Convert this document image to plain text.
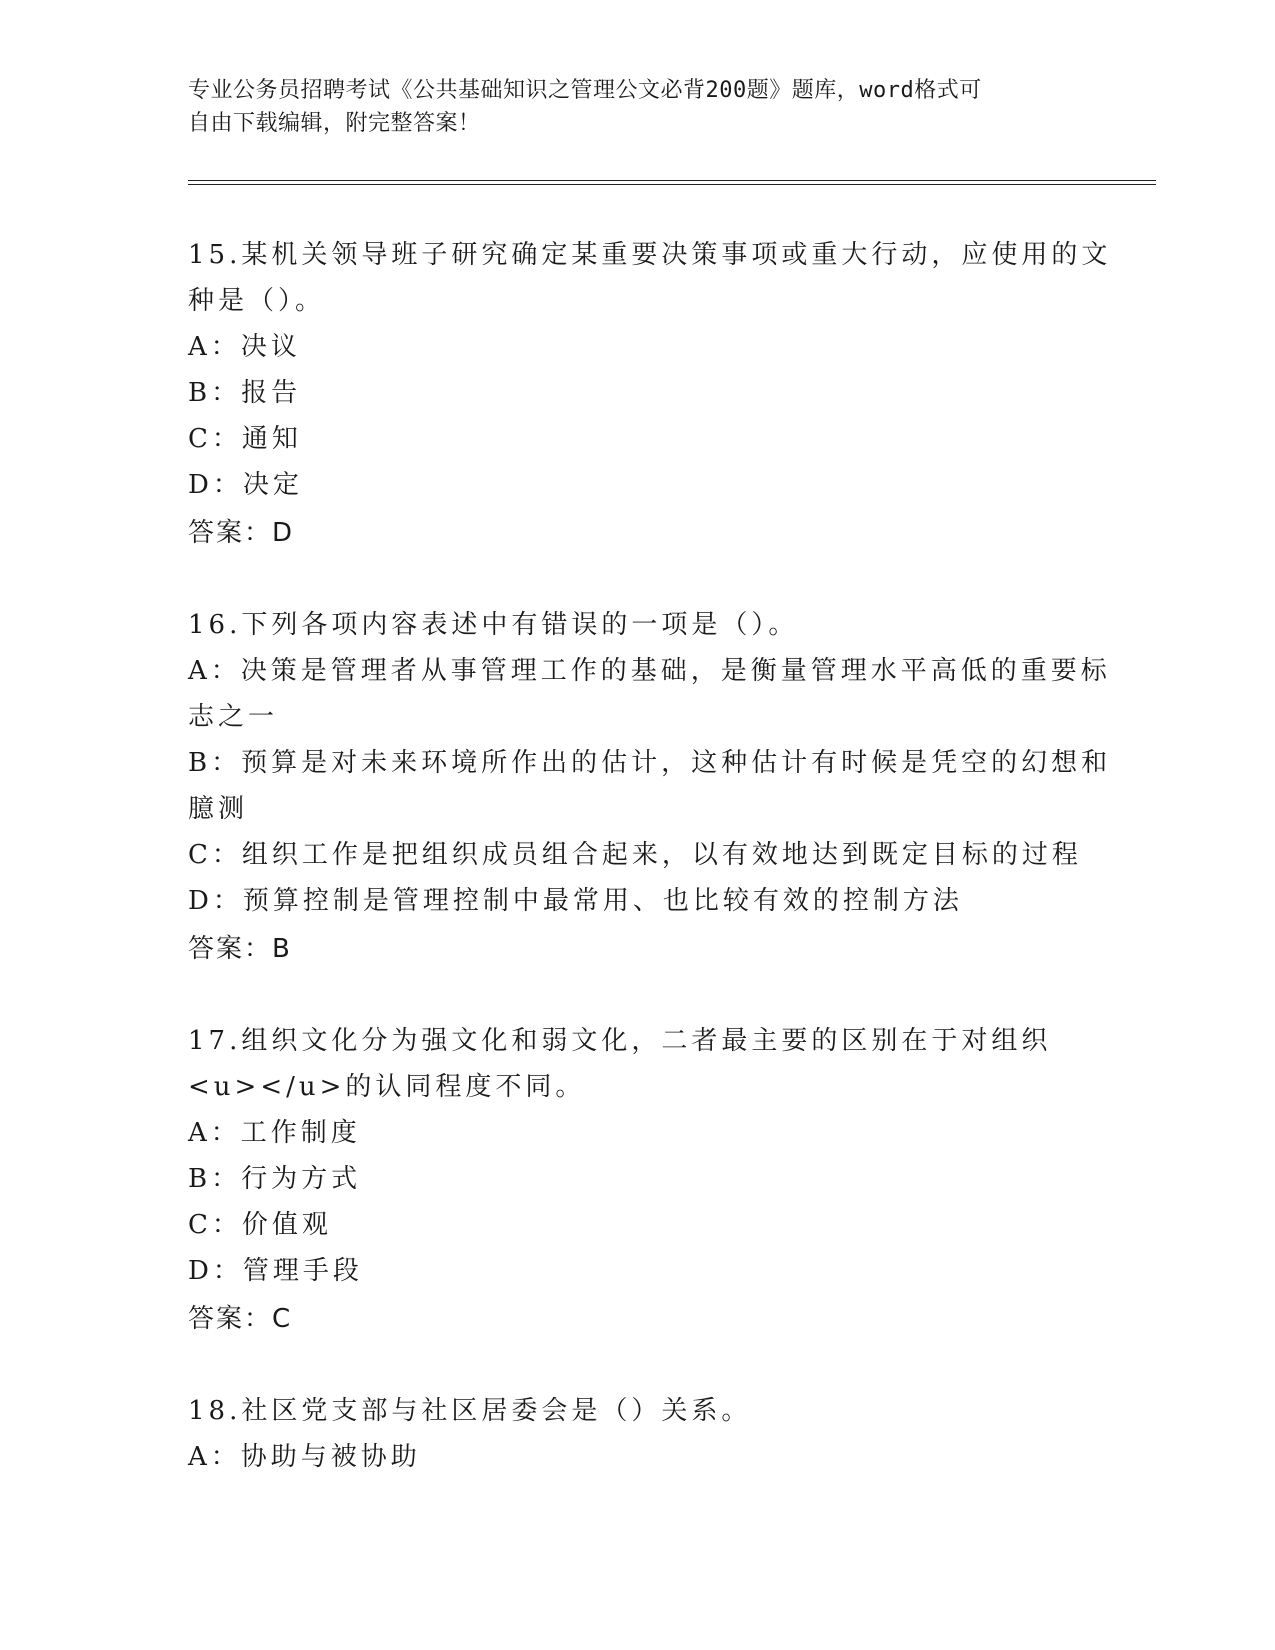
专业公务员招聘考试《公共基础知识之管理公文必背200题》题库，word格式可
自由下载编辑，附完整答案！
15.某机关领导班子研究确定某重要决策事项或重大行动，应使用的文
种是（）。
A：决议
B：报告
C：通知
D：决定
答案：D
16.下列各项内容表述中有错误的一项是（）。
A：决策是管理者从事管理工作的基础，是衡量管理水平高低的重要标
志之一
B：预算是对未来环境所作出的估计，这种估计有时候是凭空的幻想和
臆测
C：组织工作是把组织成员组合起来，以有效地达到既定目标的过程
D：预算控制是管理控制中最常用、也比较有效的控制方法
答案：B
17.组织文化分为强文化和弱文化，二者最主要的区别在于对组织
<u></u>的认同程度不同。
A：工作制度
B：行为方式
C：价值观
D：管理手段
答案：C
18.社区党支部与社区居委会是（）关系。
A：协助与被协助
